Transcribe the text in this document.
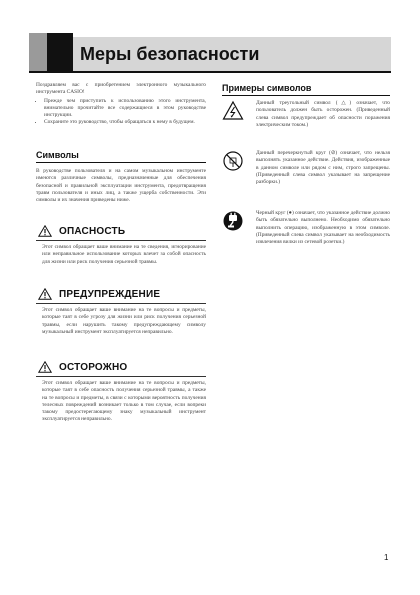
Меры безопасности

Поздравляем вас с приобретением электронного музыкального инструмента CASIO!

• Прежде чем приступить к использованию этого инструмента, внимательно прочитайте все содержащиеся в этом руководстве инструкции.
• Сохраните это руководство, чтобы обращаться к нему в будущем.
Символы
В руководстве пользователя и на самом музыкальном инструменте имеются различные символы, предназначенные для обеспечения безопасной и правильной эксплуатации инструмента, предотвращения травм пользователя и иных лиц, а также ущерба собственности. Эти символы и их значения приведены ниже.
ОПАСНОСТЬ
Этот символ обращает ваше внимание на те сведения, игнорирование или неправильное использование которых влечет за собой опасность для жизни или риск получения серьезной травмы.
ПРЕДУПРЕЖДЕНИЕ
Этот символ обращает ваше внимание на те вопросы и предметы, которые таят в себе угрозу для жизни или риск получения серьезной травмы, если нарушить такому предупреждающему символу музыкальный инструмент эксплуатируется неправильно.
ОСТОРОЖНО
Этот символ обращает ваше внимание на те вопросы и предметы, которые таят в себе опасность получения серьезной травмы, а также на те вопросы и предметы, в связи с которыми вероятность получения телесных повреждений возникает только в том случае, если вопреки такому предостерегающему знаку музыкальный инструмент эксплуатируется неправильно.
Примеры символов
Данный треугольный символ (△) означает, что пользователь должен быть осторожен. (Приведенный слева символ предупреждает об опасности поражения электрическим током.)
Данный перечеркнутый круг (⊘) означает, что нельзя выполнять указанное действие. Действия, изображенные в данном символе или рядом с ним, строго запрещены. (Приведенный слева символ указывает на запрещение разборки.)
Черный круг (●) означает, что указанное действие должно быть обязательно выполнено. Необходимо обязательно выполнить операцию, изображенную в этом символе. (Приведенный слева символ указывает на необходимость извлечения вилки из сетевой розетки.)
1
